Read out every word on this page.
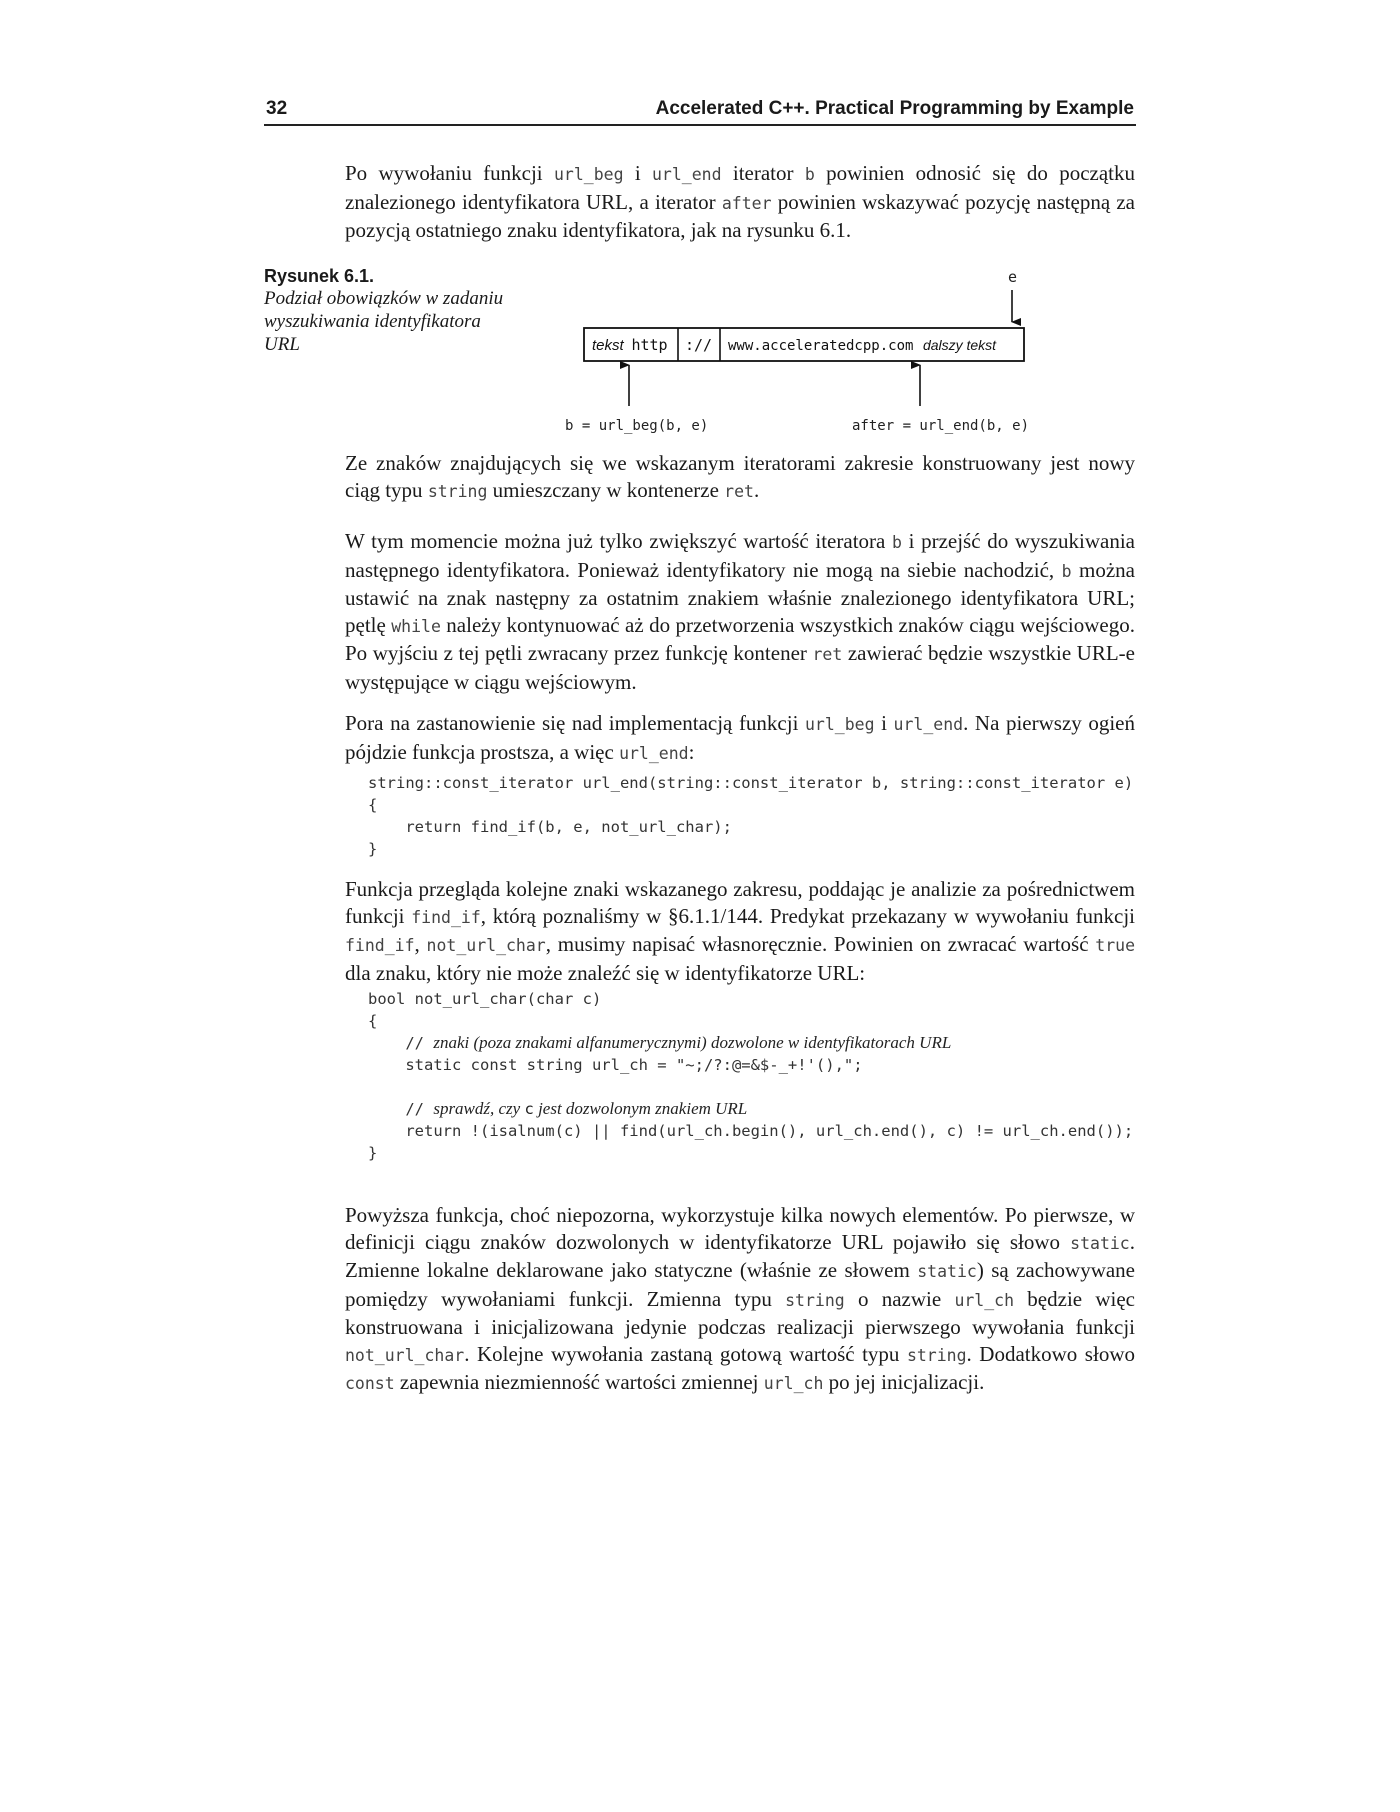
32	Accelerated C++. Practical Programming by Example

Po wywołaniu funkcji url_beg i url_end iterator b powinien odnosić się do początku znalezionego identyfikatora URL, a iterator after powinien wskazywać pozycję następną za pozycją ostatniego znaku identyfikatora, jak na rysunku 6.1.

Rysunek 6.1.
Podział obowiązków w zadaniu wyszukiwania identyfikatora URL
e
tekst http :// www.acceleratedcpp.com dalszy tekst
b = url_beg(b, e)	after = url_end(b, e)

Ze znaków znajdujących się we wskazanym iteratorami zakresie konstruowany jest nowy ciąg typu string umieszczany w kontenerze ret.

W tym momencie można już tylko zwiększyć wartość iteratora b i przejść do wyszukiwania następnego identyfikatora. Ponieważ identyfikatory nie mogą na siebie nachodzić, b można ustawić na znak następny za ostatnim znakiem właśnie znalezionego identyfikatora URL; pętlę while należy kontynuować aż do przetworzenia wszystkich znaków ciągu wejściowego. Po wyjściu z tej pętli zwracany przez funkcję kontener ret zawierać będzie wszystkie URL-e występujące w ciągu wejściowym.

Pora na zastanowienie się nad implementacją funkcji url_beg i url_end. Na pierwszy ogień pójdzie funkcja prostsza, a więc url_end:

string::const_iterator url_end(string::const_iterator b, string::const_iterator e)
{
return find_if(b, e, not_url_char);
}

Funkcja przegląda kolejne znaki wskazanego zakresu, poddając je analizie za pośrednictwem funkcji find_if, którą poznaliśmy w §6.1.1/144. Predykat przekazany w wywołaniu funkcji find_if, not_url_char, musimy napisać własnoręcznie. Powinien on zwracać wartość true dla znaku, który nie może znaleźć się w identyfikatorze URL:

bool not_url_char(char c)
{
// znaki (poza znakami alfanumerycznymi) dozwolone w identyfikatorach URL
static const string url_ch = "~;/?:@=&$-_+!'(),";
// sprawdź, czy c jest dozwolonym znakiem URL
return !(isalnum(c) || find(url_ch.begin(), url_ch.end(), c) != url_ch.end());
}

Powyższa funkcja, choć niepozorna, wykorzystuje kilka nowych elementów. Po pierwsze, w definicji ciągu znaków dozwolonych w identyfikatorze URL pojawiło się słowo static. Zmienne lokalne deklarowane jako statyczne (właśnie ze słowem static) są zachowywane pomiędzy wywołaniami funkcji. Zmienna typu string o nazwie url_ch będzie więc konstruowana i inicjalizowana jedynie podczas realizacji pierwszego wywołania funkcji not_url_char. Kolejne wywołania zastaną gotową wartość typu string. Dodatkowo słowo const zapewnia niezmienność wartości zmiennej url_ch po jej inicjalizacji.
